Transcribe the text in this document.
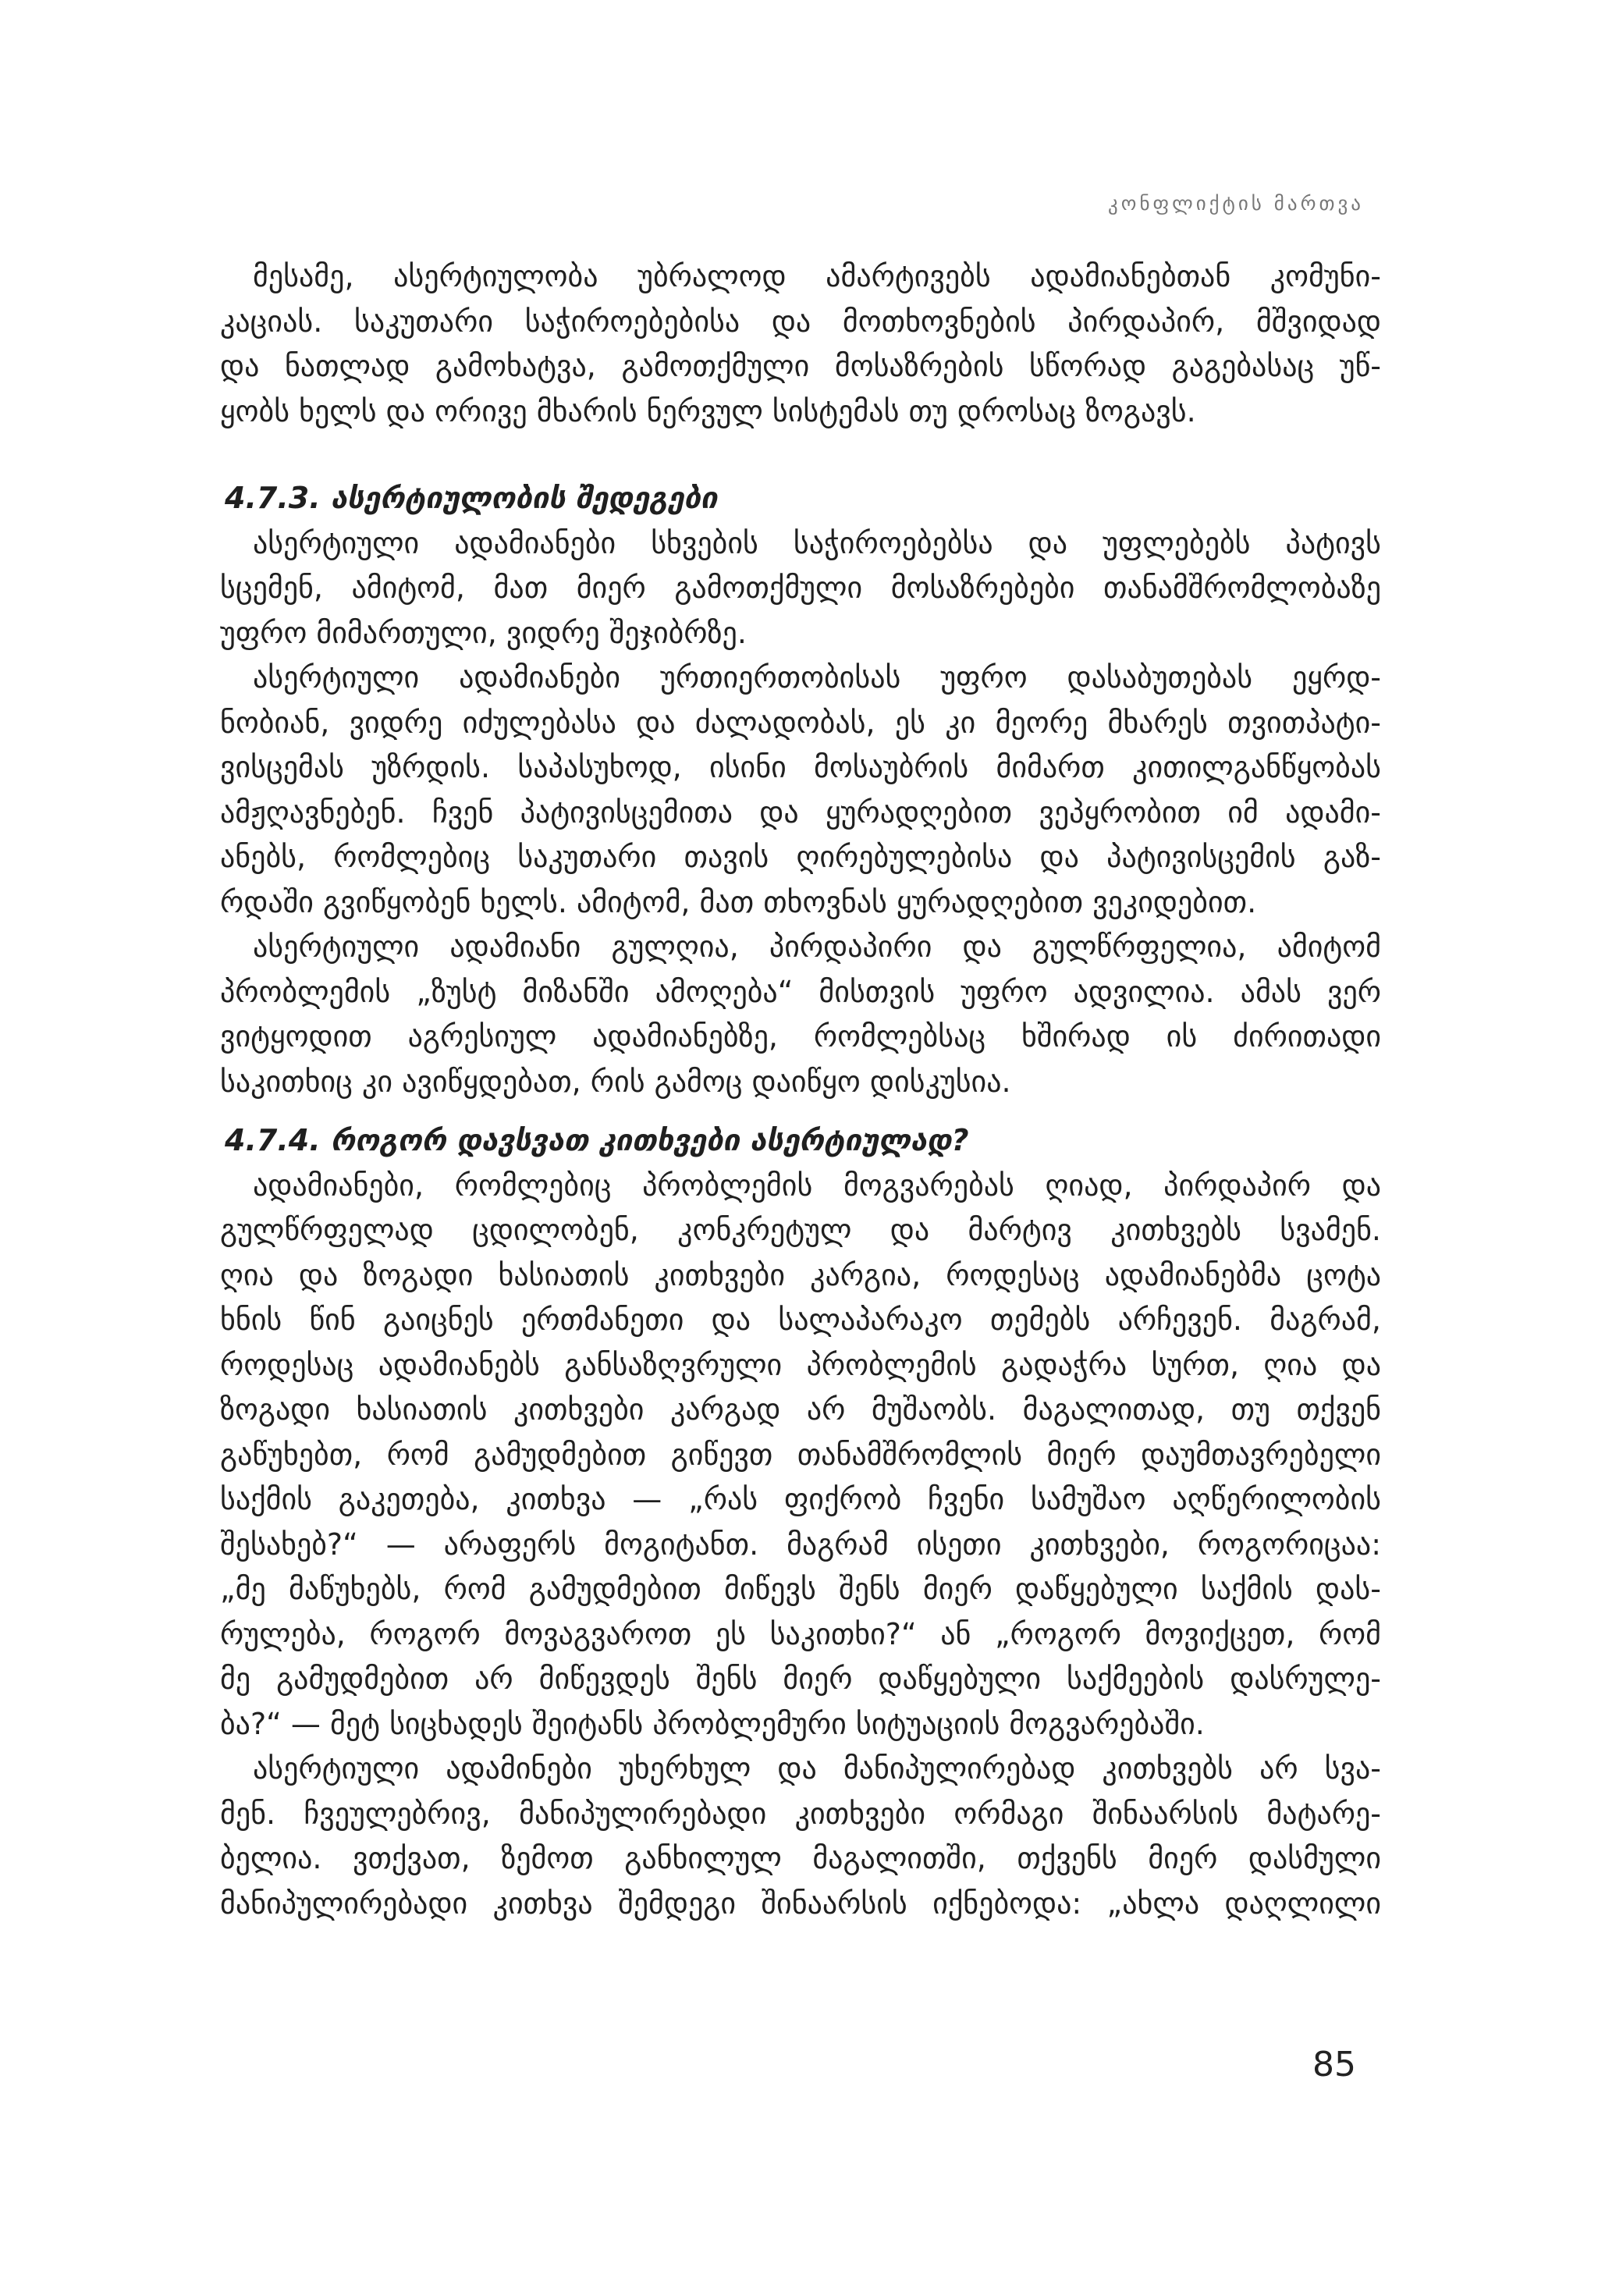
კონფლიქტის მართვა

მესამე, ასერტიულობა უბრალოდ ამარტივებს ადამიანებთან კომუნი-
კაციას. საკუთარი საჭიროებებისა და მოთხოვნების პირდაპირ, მშვიდად
და ნათლად გამოხატვა, გამოთქმული მოსაზრების სწორად გაგებასაც უწ-
ყობს ხელს და ორივე მხარის ნერვულ სისტემას თუ დროსაც ზოგავს.

4.7.3. ასერტიულობის შედეგები

ასერტიული ადამიანები სხვების საჭიროებებსა და უფლებებს პატივს
სცემენ, ამიტომ, მათ მიერ გამოთქმული მოსაზრებები თანამშრომლობაზე
უფრო მიმართული, ვიდრე შეჯიბრზე.

ასერტიული ადამიანები ურთიერთობისას უფრო დასაბუთებას ეყრდ-
ნობიან, ვიდრე იძულებასა და ძალადობას, ეს კი მეორე მხარეს თვითპატი-
ვისცემას უზრდის. საპასუხოდ, ისინი მოსაუბრის მიმართ კითილგანწყობას
ამჟღავნებენ. ჩვენ პატივისცემითა და ყურადღებით ვეპყრობით იმ ადამი-
ანებს, რომლებიც საკუთარი თავის ღირებულებისა და პატივისცემის გაზ-
რდაში გვიწყობენ ხელს. ამიტომ, მათ თხოვნას ყურადღებით ვეკიდებით.

ასერტიული ადამიანი გულღია, პირდაპირი და გულწრფელია, ამიტომ
პრობლემის „ზუსტ მიზანში ამოღება“ მისთვის უფრო ადვილია. ამას ვერ
ვიტყოდით აგრესიულ ადამიანებზე, რომლებსაც ხშირად ის ძირითადი
საკითხიც კი ავიწყდებათ, რის გამოც დაიწყო დისკუსია.

4.7.4. როგორ დავსვათ კითხვები ასერტიულად?

ადამიანები, რომლებიც პრობლემის მოგვარებას ღიად, პირდაპირ და
გულწრფელად ცდილობენ, კონკრეტულ და მარტივ კითხვებს სვამენ.
ღია და ზოგადი ხასიათის კითხვები კარგია, როდესაც ადამიანებმა ცოტა
ხნის წინ გაიცნეს ერთმანეთი და სალაპარაკო თემებს არჩევენ. მაგრამ,
როდესაც ადამიანებს განსაზღვრული პრობლემის გადაჭრა სურთ, ღია და
ზოგადი ხასიათის კითხვები კარგად არ მუშაობს. მაგალითად, თუ თქვენ
გაწუხებთ, რომ გამუდმებით გიწევთ თანამშრომლის მიერ დაუმთავრებელი
საქმის გაკეთება, კითხვა — „რას ფიქრობ ჩვენი სამუშაო აღწერილობის
შესახებ?“ — არაფერს მოგიტანთ. მაგრამ ისეთი კითხვები, როგორიცაა:
„მე მაწუხებს, რომ გამუდმებით მიწევს შენს მიერ დაწყებული საქმის დას-
რულება, როგორ მოვაგვაროთ ეს საკითხი?“ ან „როგორ მოვიქცეთ, რომ
მე გამუდმებით არ მიწევდეს შენს მიერ დაწყებული საქმეების დასრულე-
ბა?“ — მეტ სიცხადეს შეიტანს პრობლემური სიტუაციის მოგვარებაში.

ასერტიული ადამინები უხერხულ და მანიპულირებად კითხვებს არ სვა-
მენ. ჩვეულებრივ, მანიპულირებადი კითხვები ორმაგი შინაარსის მატარე-
ბელია. ვთქვათ, ზემოთ განხილულ მაგალითში, თქვენს მიერ დასმული
მანიპულირებადი კითხვა შემდეგი შინაარსის იქნებოდა: „ახლა დაღლილი

85
